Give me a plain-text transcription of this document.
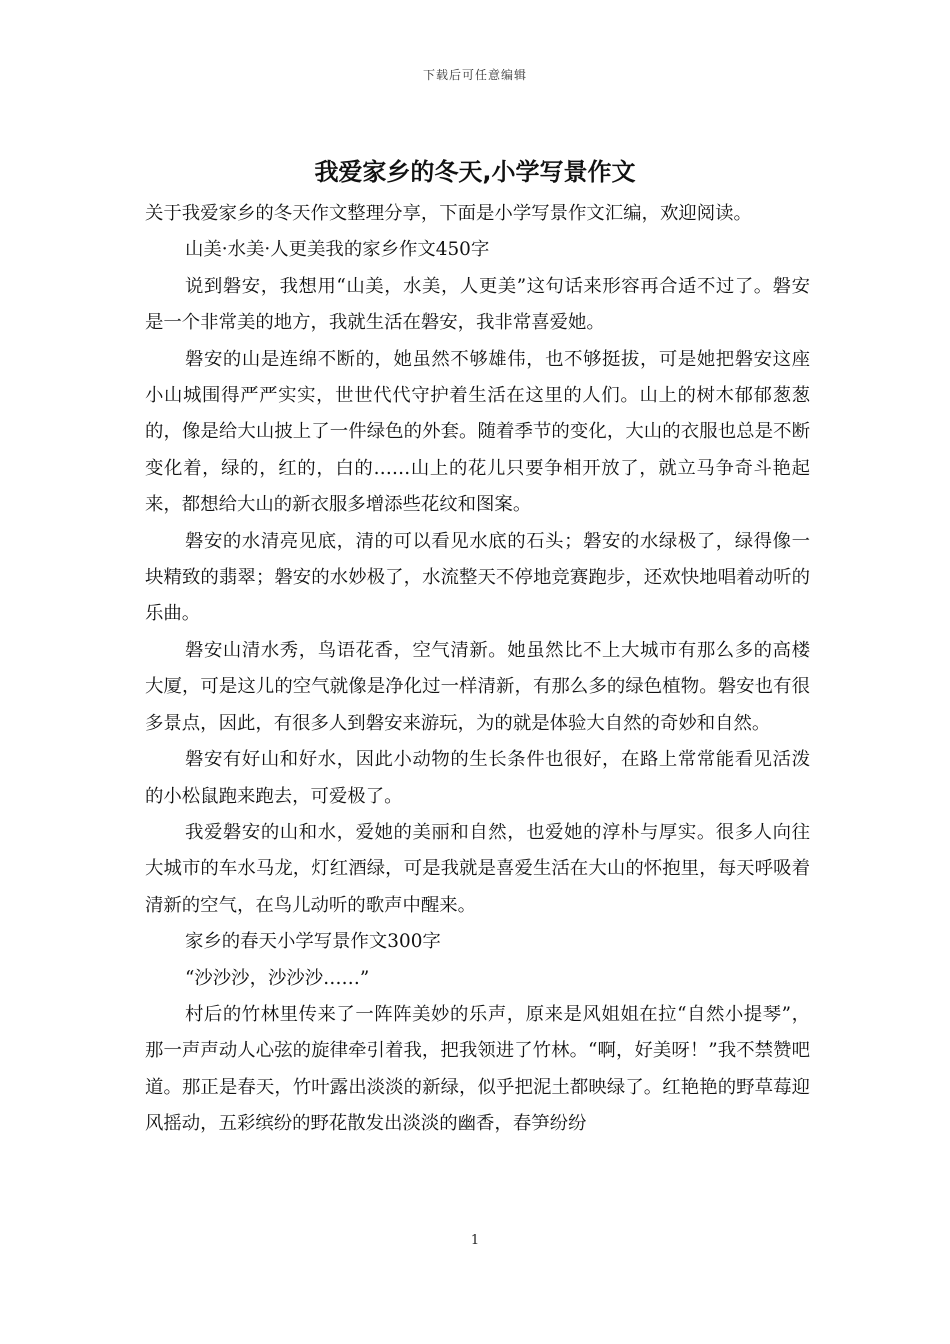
下载后可任意编辑
我爱家乡的冬天,小学写景作文

关于我爱家乡的冬天作文整理分享，下面是小学写景作文汇编，欢迎阅读。

山美·水美·人更美我的家乡作文450字

说到磐安，我想用“山美，水美，人更美”这句话来形容再合适不过了。磐安是一个非常美的地方，我就生活在磐安，我非常喜爱她。

磐安的山是连绵不断的，她虽然不够雄伟，也不够挺拔，可是她把磐安这座小山城围得严严实实，世世代代守护着生活在这里的人们。山上的树木郁郁葱葱的，像是给大山披上了一件绿色的外套。随着季节的变化，大山的衣服也总是不断变化着，绿的，红的，白的……山上的花儿只要争相开放了，就立马争奇斗艳起来，都想给大山的新衣服多增添些花纹和图案。

磐安的水清亮见底，清的可以看见水底的石头；磐安的水绿极了，绿得像一块精致的翡翠；磐安的水妙极了，水流整天不停地竞赛跑步，还欢快地唱着动听的乐曲。

磐安山清水秀，鸟语花香，空气清新。她虽然比不上大城市有那么多的高楼大厦，可是这儿的空气就像是净化过一样清新，有那么多的绿色植物。磐安也有很多景点，因此，有很多人到磐安来游玩，为的就是体验大自然的奇妙和自然。

磐安有好山和好水，因此小动物的生长条件也很好，在路上常常能看见活泼的小松鼠跑来跑去，可爱极了。

我爱磐安的山和水，爱她的美丽和自然，也爱她的淳朴与厚实。很多人向往大城市的车水马龙，灯红酒绿，可是我就是喜爱生活在大山的怀抱里，每天呼吸着清新的空气，在鸟儿动听的歌声中醒来。

家乡的春天小学写景作文300字

“沙沙沙，沙沙沙……”

村后的竹林里传来了一阵阵美妙的乐声，原来是风姐姐在拉“自然小提琴”，那一声声动人心弦的旋律牵引着我，把我领进了竹林。“啊，好美呀！”我不禁赞吧道。那正是春天，竹叶露出淡淡的新绿，似乎把泥土都映绿了。红艳艳的野草莓迎风摇动，五彩缤纷的野花散发出淡淡的幽香，春笋纷纷

1
